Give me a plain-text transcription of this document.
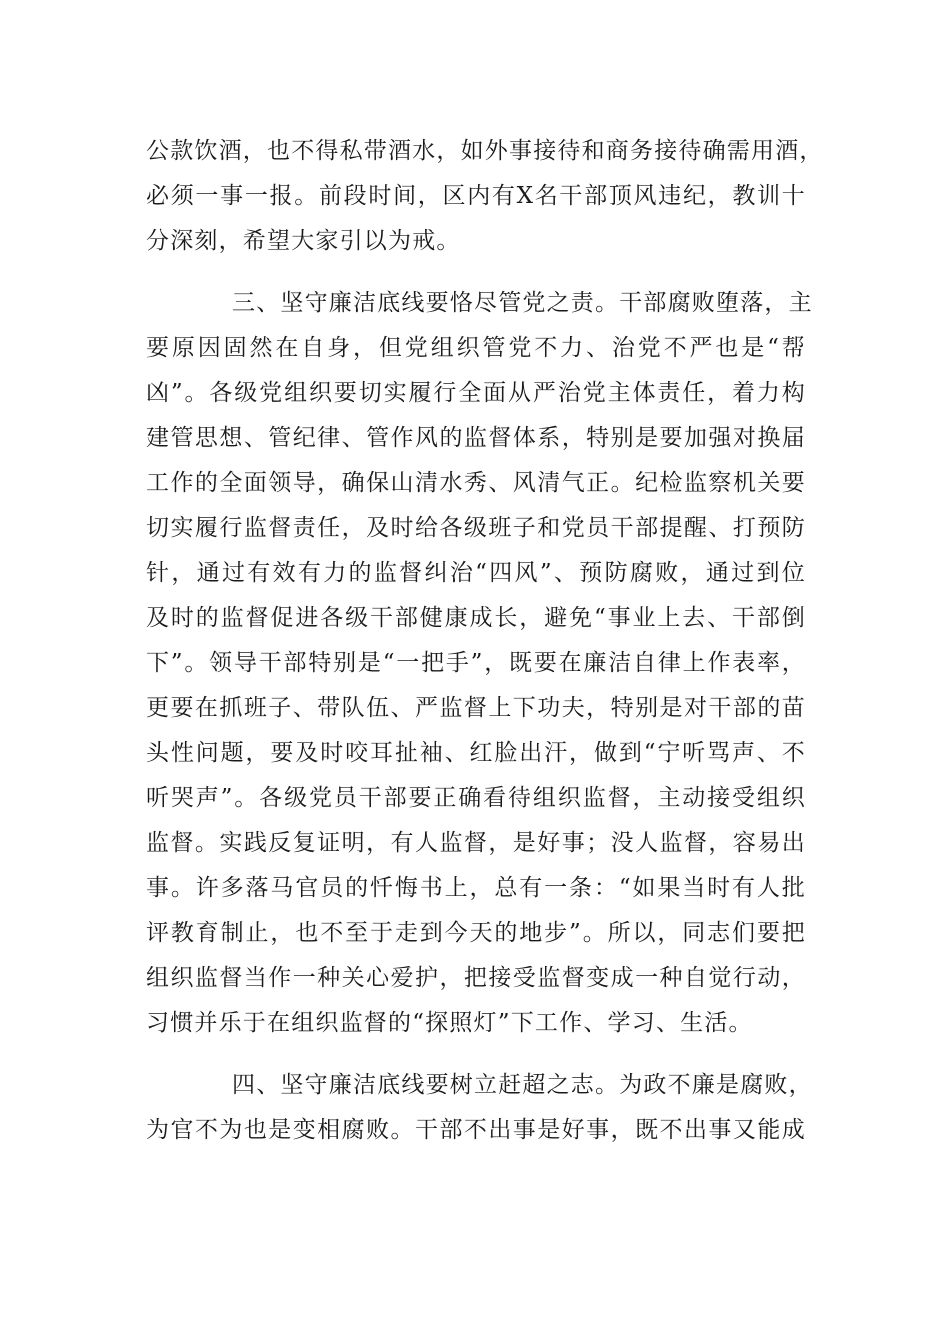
公款饮酒，也不得私带酒水，如外事接待和商务接待确需用酒，
必须一事一报。前段时间，区内有X名干部顶风违纪，教训十
分深刻，希望大家引以为戒。
三、坚守廉洁底线要恪尽管党之责。干部腐败堕落，主
要原因固然在自身，但党组织管党不力、治党不严也是“帮
凶”。各级党组织要切实履行全面从严治党主体责任，着力构
建管思想、管纪律、管作风的监督体系，特别是要加强对换届
工作的全面领导，确保山清水秀、风清气正。纪检监察机关要
切实履行监督责任，及时给各级班子和党员干部提醒、打预防
针，通过有效有力的监督纠治“四风”、预防腐败，通过到位
及时的监督促进各级干部健康成长，避免“事业上去、干部倒
下”。领导干部特别是“一把手”，既要在廉洁自律上作表率，
更要在抓班子、带队伍、严监督上下功夫，特别是对干部的苗
头性问题，要及时咬耳扯袖、红脸出汗，做到“宁听骂声、不
听哭声”。各级党员干部要正确看待组织监督，主动接受组织
监督。实践反复证明，有人监督，是好事；没人监督，容易出
事。许多落马官员的忏悔书上，总有一条：“如果当时有人批
评教育制止，也不至于走到今天的地步”。所以，同志们要把
组织监督当作一种关心爱护，把接受监督变成一种自觉行动，
习惯并乐于在组织监督的“探照灯”下工作、学习、生活。
四、坚守廉洁底线要树立赶超之志。为政不廉是腐败，
为官不为也是变相腐败。干部不出事是好事，既不出事又能成
